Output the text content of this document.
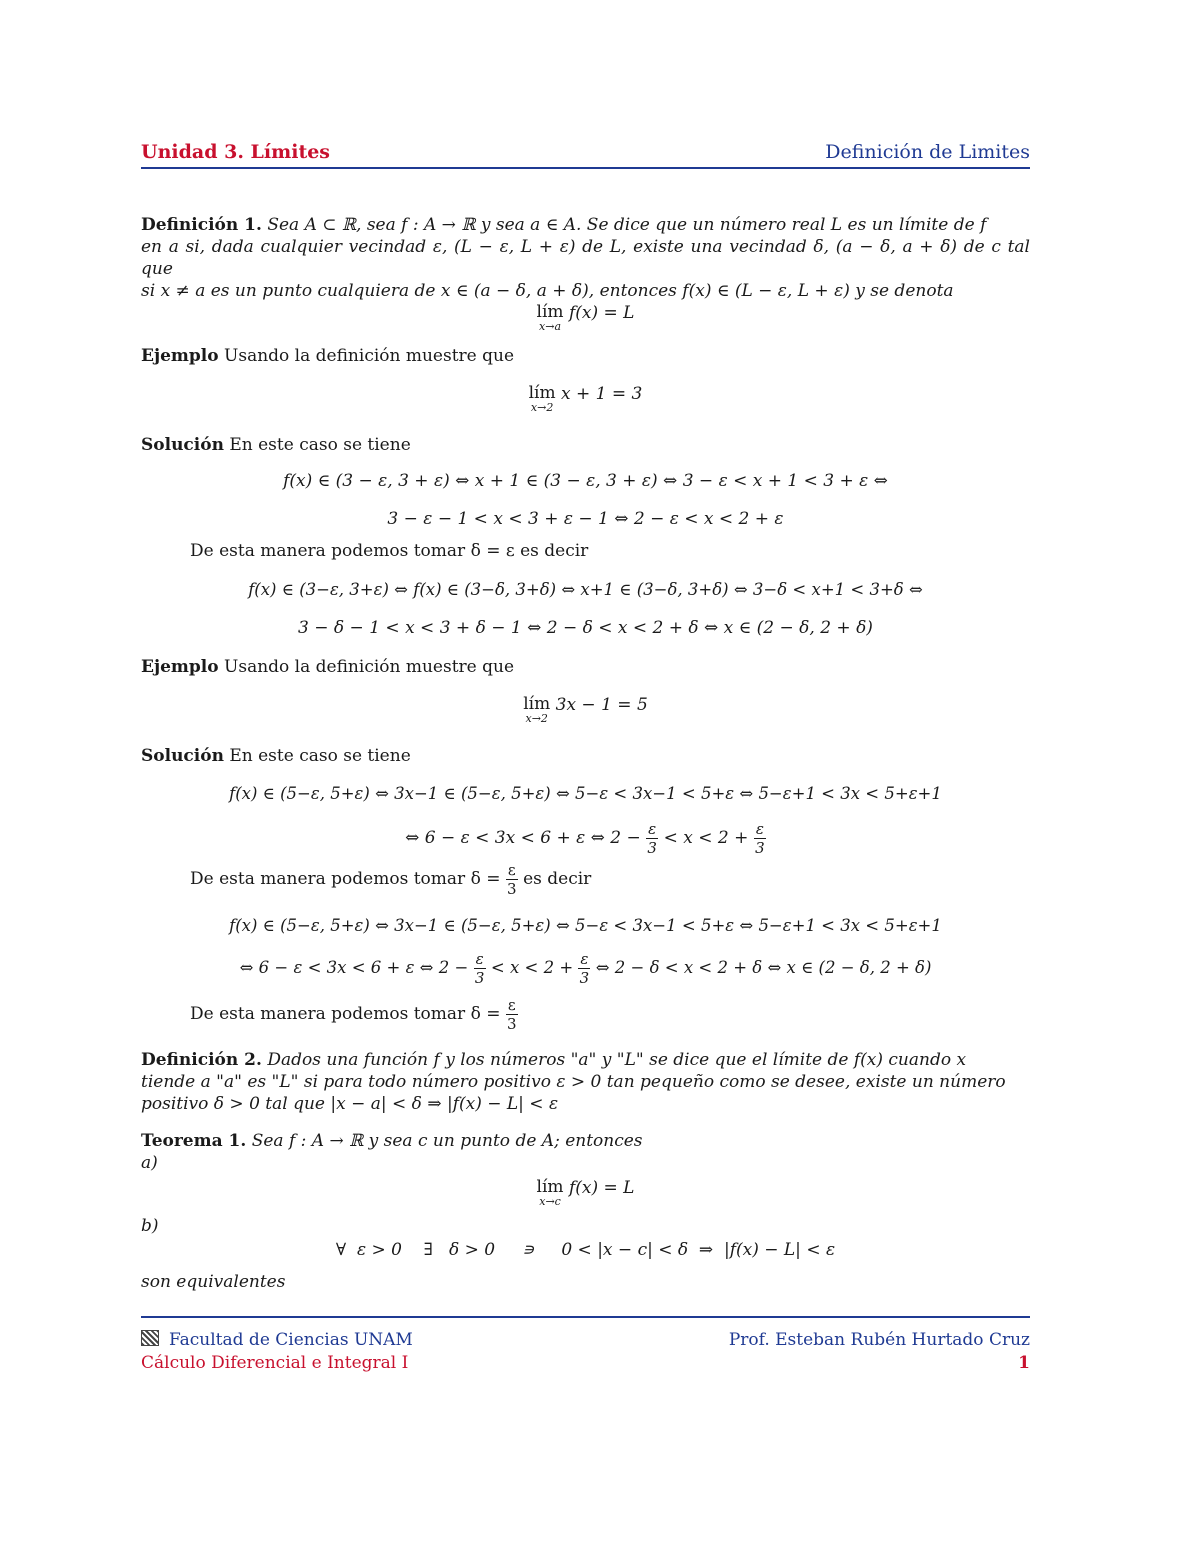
Unidad 3. Límites	Definición de Limites
Definición 1. Sea A ⊂ ℝ, sea f : A → ℝ y sea a ∈ A. Se dice que un número real L es un límite de f
en a si, dada cualquier vecindad ε, (L − ε, L + ε) de L, existe una vecindad δ, (a − δ, a + δ) de c tal que
si x ≠ a es un punto cualquiera de x ∈ (a − δ, a + δ), entonces f(x) ∈ (L − ε, L + ε) y se denota
lím
x→a
f(x) = L
Ejemplo Usando la definición muestre que
lím
x→2
x + 1 = 3
Solución En este caso se tiene
f(x) ∈ (3 − ε, 3 + ε) ⇔ x + 1 ∈ (3 − ε, 3 + ε) ⇔ 3 − ε < x + 1 < 3 + ε ⇔
3 − ε − 1 < x < 3 + ε − 1 ⇔ 2 − ε < x < 2 + ε
De esta manera podemos tomar δ = ε es decir
f(x) ∈ (3−ε, 3+ε) ⇔ f(x) ∈ (3−δ, 3+δ) ⇔ x+1 ∈ (3−δ, 3+δ) ⇔ 3−δ < x+1 < 3+δ ⇔
3 − δ − 1 < x < 3 + δ − 1 ⇔ 2 − δ < x < 2 + δ ⇔ x ∈ (2 − δ, 2 + δ)
Ejemplo Usando la definición muestre que
lím
x→2
3x − 1 = 5
Solución En este caso se tiene
f(x) ∈ (5−ε, 5+ε) ⇔ 3x−1 ∈ (5−ε, 5+ε) ⇔ 5−ε < 3x−1 < 5+ε ⇔ 5−ε+1 < 3x < 5+ε+1
⇔ 6 − ε < 3x < 6 + ε ⇔ $2 - \frac{\varepsilon}{3} < x < 2 + \frac{\varepsilon}{3}$
De esta manera podemos tomar $\delta = \frac{\varepsilon}{3}$ es decir
f(x) ∈ (5−ε, 5+ε) ⇔ 3x−1 ∈ (5−ε, 5+ε) ⇔ 5−ε < 3x−1 < 5+ε ⇔ 5−ε+1 < 3x < 5+ε+1
⇔ 6 − ε < 3x < 6 + ε ⇔ $2 - \frac{\varepsilon}{3} < x < 2 + \frac{\varepsilon}{3}$ ⇔ 2 − δ < x < 2 + δ ⇔ x ∈ (2 − δ, 2 + δ)
De esta manera podemos tomar $\delta = \frac{\varepsilon}{3}$
Definición 2. Dados una función f y los números "a" y "L" se dice que el límite de f(x) cuando x
tiende a "a" es "L" si para todo número positivo ε > 0 tan pequeño como se desee, existe un número
positivo δ > 0 tal que |x − a| < δ ⇒ |f(x) − L| < ε
Teorema 1. Sea f : A → ℝ y sea c un punto de A; entonces
a)
lím
x→c
f(x) = L
b)
∀  ε > 0    ∃   δ > 0     ∍     0 < |x − c| < δ  ⇒  |f(x) − L| < ε
son equivalentes
Facultad de Ciencias UNAM
Cálculo Diferencial e Integral I
Prof. Esteban Rubén Hurtado Cruz
1
